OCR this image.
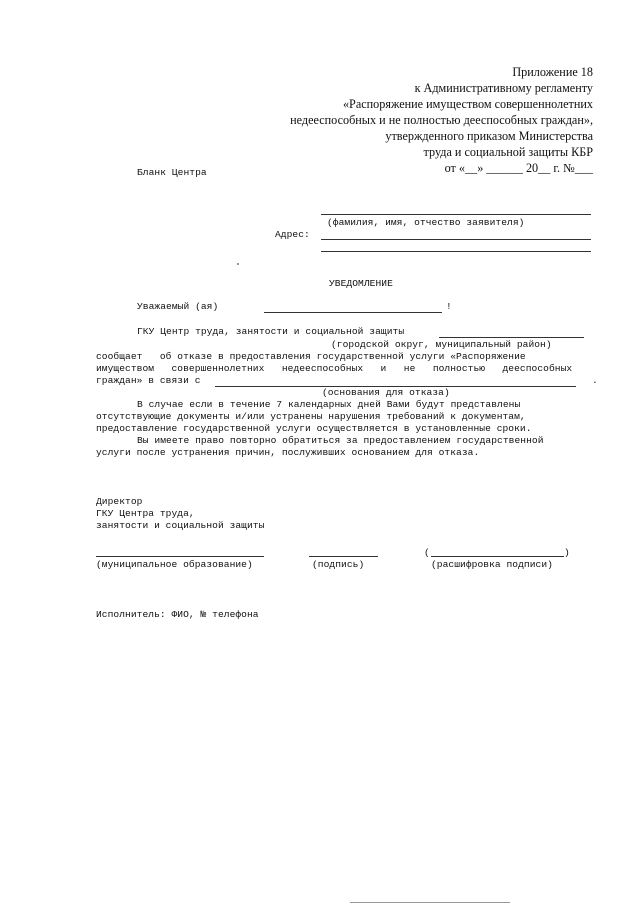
Приложение 18
к Административному регламенту
«Распоряжение имуществом совершеннолетних
недееспособных и не полностью дееспособных граждан»,
утвержденного приказом Министерства
труда и социальной защиты КБР
от «__» ______ 20__ г. №___
Бланк Центра
(фамилия, имя, отчество заявителя)
Адрес:
УВЕДОМЛЕНИЕ
Уважаемый (ая)	!
ГКУ Центр труда, занятости и социальной защиты
(городской округ, муниципальный район)
сообщает   об отказе в предоставления государственной услуги «Распоряжение
имуществом   совершеннолетних   недееспособных   и   не   полностью   дееспособных
граждан» в связи с	.
(основания для отказа)
В случае если в течение 7 календарных дней Вами будут представлены
отсутствующие документы и/или устранены нарушения требований к документам,
предоставление государственной услуги осуществляется в установленные сроки.
Вы имеете право повторно обратиться за предоставлением государственной
услуги после устранения причин, послуживших основанием для отказа.
Директор
ГКУ Центра труда,
занятости и социальной защиты
(	)
(муниципальное образование)	(подпись)	(расшифровка подписи)
Исполнитель: ФИО, № телефона
